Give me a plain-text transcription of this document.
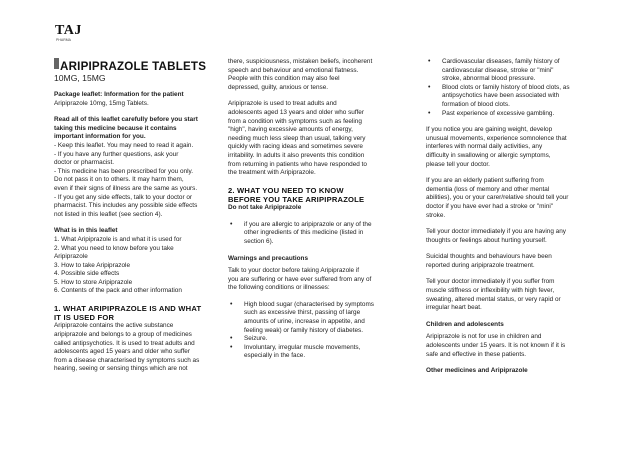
TAJ
PHARMA
ARIPIPRAZOLE TABLETS
10MG, 15MG

Package leaflet: Information for the patient

Aripiprazole 10mg, 15mg Tablets.

Read all of this leaflet carefully before you start

taking this medicine because it contains

important information for you.

- Keep this leaflet. You may need to read it again.

- If you have any further questions, ask your

doctor or pharmacist.

- This medicine has been prescribed for you only.

Do not pass it on to others. It may harm them,

even if their signs of illness are the same as yours.

- If you get any side effects, talk to your doctor or

pharmacist. This includes any possible side effects

not listed in this leaflet (see section 4).

What is in this leaflet

1. What Aripiprazole is and what it is used for

2. What you need to know before you take

Aripiprazole

3. How to take Aripiprazole

4. Possible side effects

5. How to store Aripiprazole

6. Contents of the pack and other information

1. WHAT ARIPIPRAZOLE IS AND WHAT

IT IS USED FOR

Aripiprazole contains the active substance

aripiprazole and belongs to a group of medicines

called antipsychotics. It is used to treat adults and

adolescents aged 15 years and older who suffer

from a disease characterised by symptoms such as

hearing, seeing or sensing things which are not

there, suspiciousness, mistaken beliefs, incoherent

speech and behaviour and emotional flatness.

People with this condition may also feel

depressed, guilty, anxious or tense.

Aripiprazole is used to treat adults and

adolescents aged 13 years and older who suffer

from a condition with symptoms such as feeling

"high", having excessive amounts of energy,

needing much less sleep than usual, talking very

quickly with racing ideas and sometimes severe

irritability. In adults it also prevents this condition

from returning in patients who have responded to

the treatment with Aripiprazole.

2. WHAT YOU NEED TO KNOW

BEFORE YOU TAKE ARIPIPRAZOLE

Do not take Aripiprazole

• if you are allergic to aripiprazole or any of the
other ingredients of this medicine (listed in
section 6).

Warnings and precautions

Talk to your doctor before taking Aripiprazole if

you are suffering or have ever suffered from any of

the following conditions or illnesses:

• High blood sugar (characterised by symptoms
such as excessive thirst, passing of large
amounts of urine, increase in appetite, and
feeling weak) or family history of diabetes.
• Seizure.
• Involuntary, irregular muscle movements,
especially in the face.
• Cardiovascular diseases, family history of
cardiovascular disease, stroke or "mini"
stroke, abnormal blood pressure.
• Blood clots or family history of blood clots, as
antipsychotics have been associated with
formation of blood clots.
• Past experience of excessive gambling.

If you notice you are gaining weight, develop

unusual movements, experience somnolence that

interferes with normal daily activities, any

difficulty in swallowing or allergic symptoms,

please tell your doctor.

If you are an elderly patient suffering from

dementia (loss of memory and other mental

abilities), you or your carer/relative should tell your

doctor if you have ever had a stroke or "mini"

stroke.

Tell your doctor immediately if you are having any

thoughts or feelings about hurting yourself.

Suicidal thoughts and behaviours have been

reported during aripiprazole treatment.

Tell your doctor immediately if you suffer from

muscle stiffness or inflexibility with high fever,

sweating, altered mental status, or very rapid or

irregular heart beat.

Children and adolescents

Aripiprazole is not for use in children and

adolescents under 15 years. It is not known if it is

safe and effective in these patients.

Other medicines and Aripiprazole
